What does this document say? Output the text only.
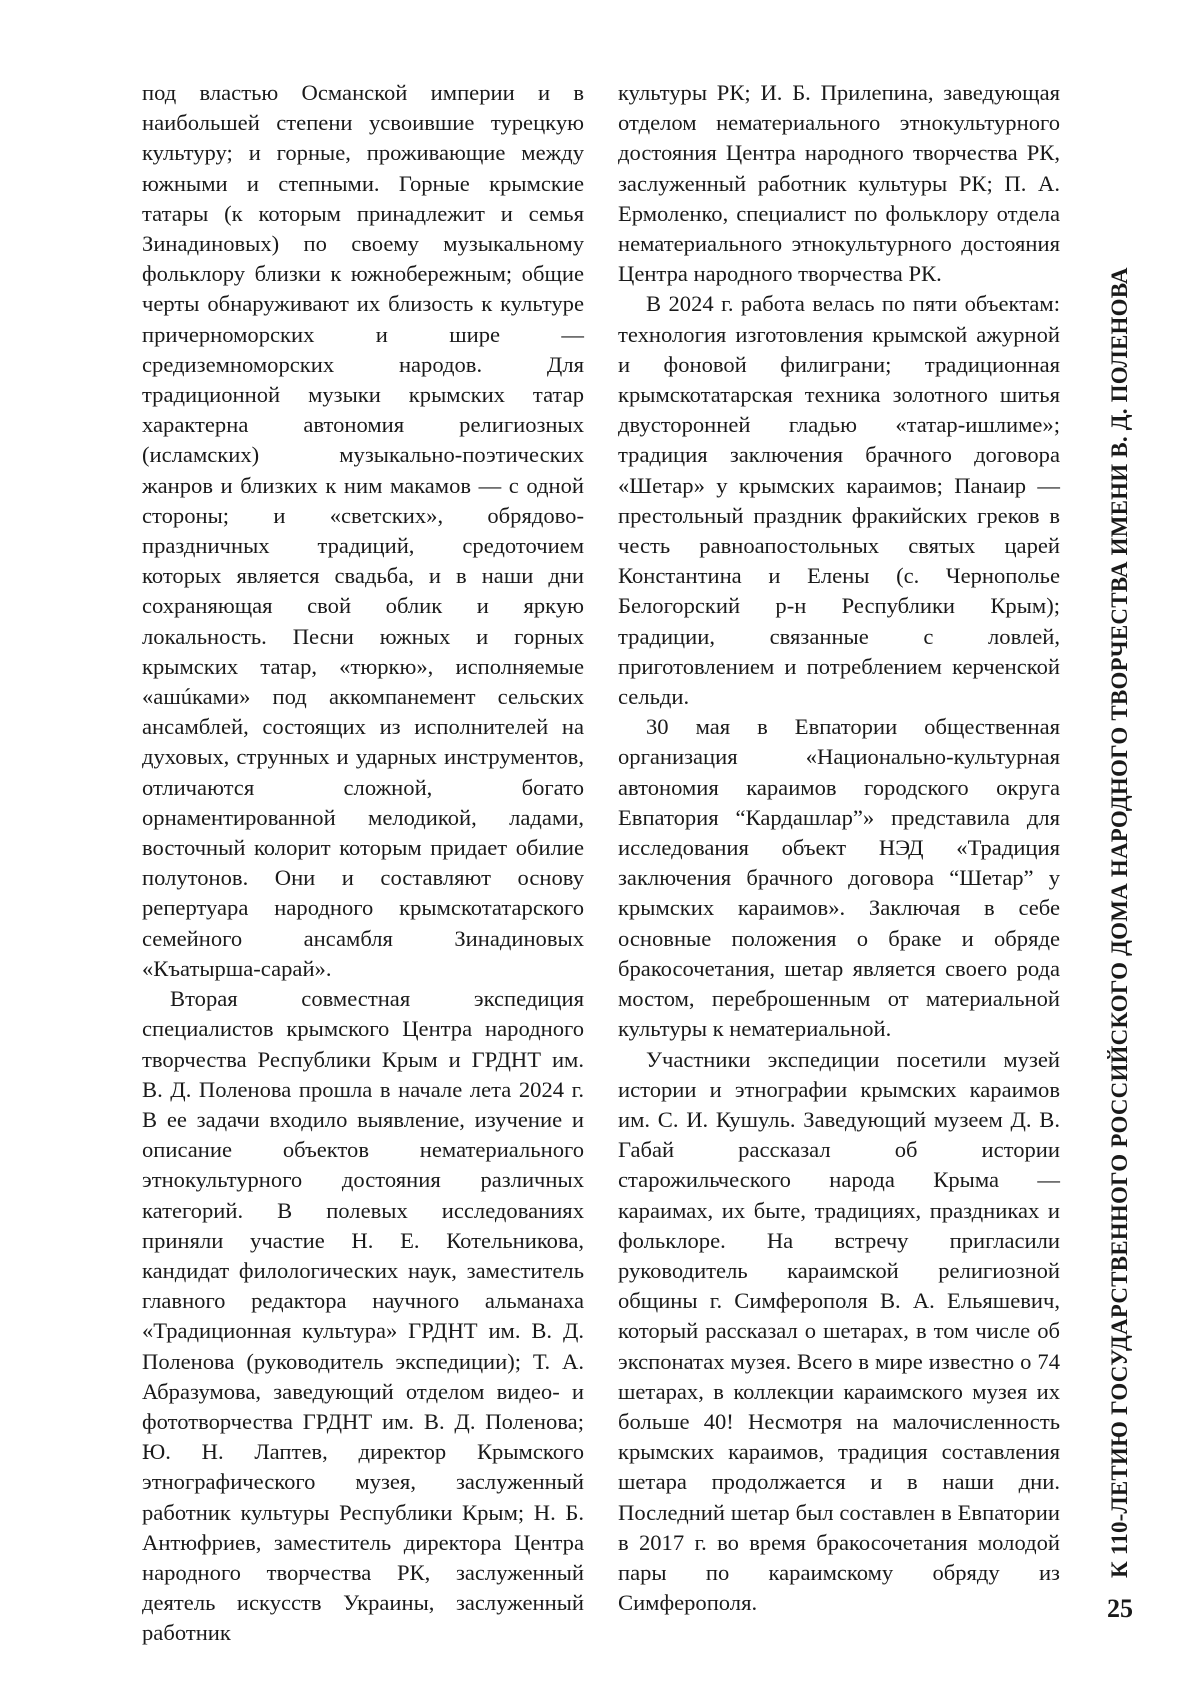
под властью Османской империи и в наибольшей степени усвоившие турецкую культуру; и горные, проживающие между южными и степными. Горные крымские татары (к которым принадлежит и семья Зинадиновых) по своему музыкальному фольклору близки к южнобережным; общие черты обнаруживают их близость к культуре причерноморских и шире — средиземноморских народов. Для традиционной музыки крымских татар характерна автономия религиозных (исламских) музыкально-поэтических жанров и близких к ним макамов — с одной стороны; и «светских», обрядово-праздничных традиций, средоточием которых является свадьба, и в наши дни сохраняющая свой облик и яркую локальность. Песни южных и горных крымских татар, «тюркю», исполняемые «ашúками» под аккомпанемент сельских ансамблей, состоящих из исполнителей на духовых, струнных и ударных инструментов, отличаются сложной, богато орнаментированной мелодикой, ладами, восточный колорит которым придает обилие полутонов. Они и составляют основу репертуара народного крымскотатарского семейного ансамбля Зинадиновых «Къатырша-сарай».

Вторая совместная экспедиция специалистов крымского Центра народного творчества Республики Крым и ГРДНТ им. В. Д. Поленова прошла в начале лета 2024 г. В ее задачи входило выявление, изучение и описание объектов нематериального этнокультурного достояния различных категорий. В полевых исследованиях приняли участие Н. Е. Котельникова, кандидат филологических наук, заместитель главного редактора научного альманаха «Традиционная культура» ГРДНТ им. В. Д. Поленова (руководитель экспедиции); Т. А. Абразумова, заведующий отделом видео- и фототворчества ГРДНТ им. В. Д. Поленова; Ю. Н. Лаптев, директор Крымского этнографического музея, заслуженный работник культуры Республики Крым; Н. Б. Антюфриев, заместитель директора Центра народного творчества РК, заслуженный деятель искусств Украины, заслуженный работник

культуры РК; И. Б. Прилепина, заведующая отделом нематериального этнокультурного достояния Центра народного творчества РК, заслуженный работник культуры РК; П. А. Ермоленко, специалист по фольклору отдела нематериального этнокультурного достояния Центра народного творчества РК.

В 2024 г. работа велась по пяти объектам: технология изготовления крымской ажурной и фоновой филиграни; традиционная крымскотатарская техника золотного шитья двусторонней гладью «татар-ишлиме»; традиция заключения брачного договора «Шетар» у крымских караимов; Панаир — престольный праздник фракийских греков в честь равноапостольных святых царей Константина и Елены (с. Чернополье Белогорский р-н Республики Крым); традиции, связанные с ловлей, приготовлением и потреблением керченской сельди.

30 мая в Евпатории общественная организация «Национально-культурная автономия караимов городского округа Евпатория “Кардашлар”» представила для исследования объект НЭД «Традиция заключения брачного договора “Шетар” у крымских караимов». Заключая в себе основные положения о браке и обряде бракосочетания, шетар является своего рода мостом, переброшенным от материальной культуры к нематериальной.

Участники экспедиции посетили музей истории и этнографии крымских караимов им. С. И. Кушуль. Заведующий музеем Д. В. Габай рассказал об истории старожильческого народа Крыма — караимах, их быте, традициях, праздниках и фольклоре. На встречу пригласили руководитель караимской религиозной общины г. Симферополя В. А. Ельяшевич, который рассказал о шетарах, в том числе об экспонатах музея. Всего в мире известно о 74 шетарах, в коллекции караимского музея их больше 40! Несмотря на малочисленность крымских караимов, традиция составления шетара продолжается и в наши дни. Последний шетар был составлен в Евпатории в 2017 г. во время бракосочетания молодой пары по караимскому обряду из Симферополя.

К 110-ЛЕТИЮ ГОСУДАРСТВЕННОГО РОССИЙСКОГО ДОМА НАРОДНОГО ТВОРЧЕСТВА ИМЕНИ В. Д. ПОЛЕНОВА
25
